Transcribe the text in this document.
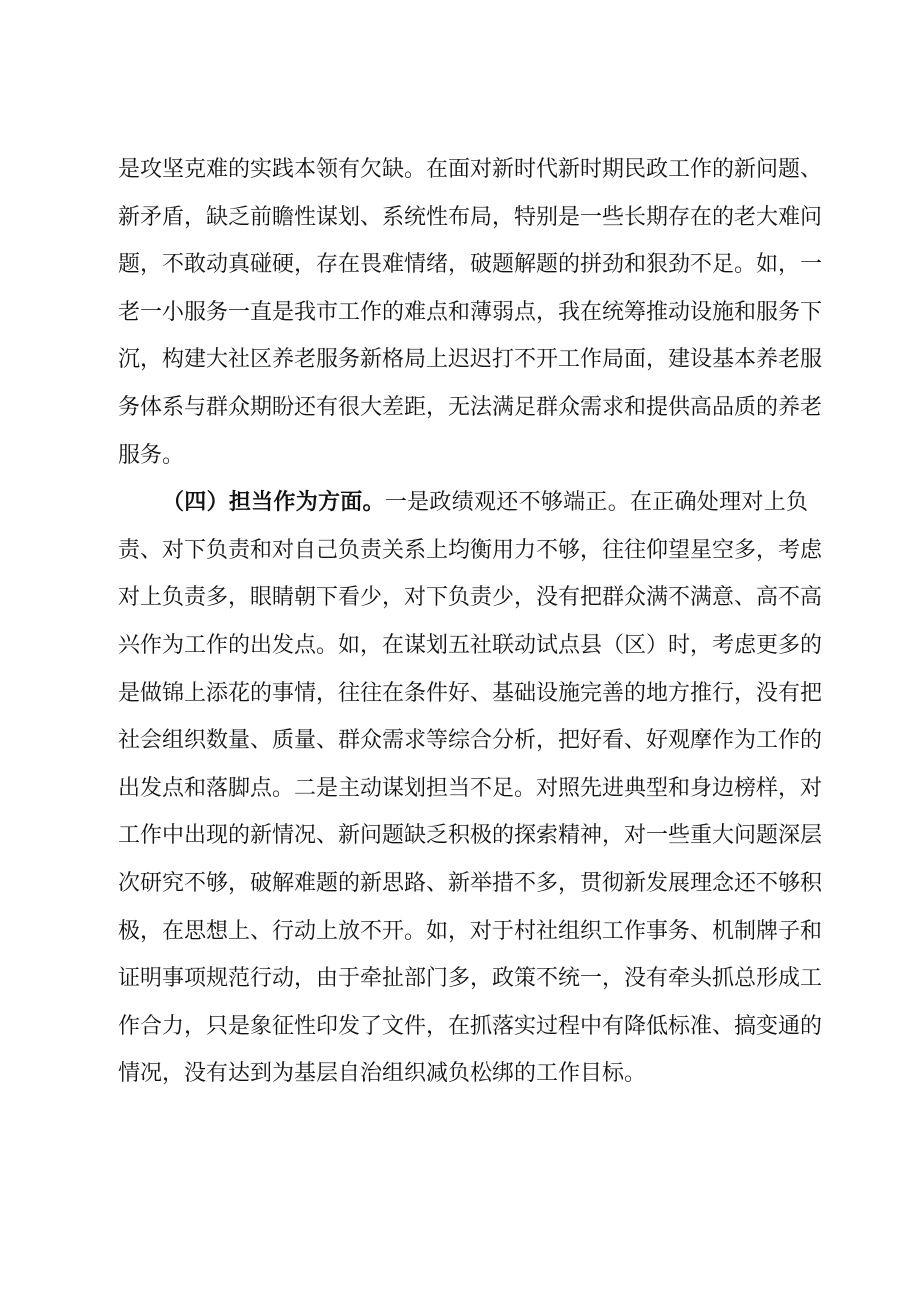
是攻坚克难的实践本领有欠缺。在面对新时代新时期民政工作的新问题、
新矛盾，缺乏前瞻性谋划、系统性布局，特别是一些长期存在的老大难问
题，不敢动真碰硬，存在畏难情绪，破题解题的拼劲和狠劲不足。如，一
老一小服务一直是我市工作的难点和薄弱点，我在统筹推动设施和服务下
沉，构建大社区养老服务新格局上迟迟打不开工作局面，建设基本养老服
务体系与群众期盼还有很大差距，无法满足群众需求和提供高品质的养老
服务。
（四）担当作为方面。一是政绩观还不够端正。在正确处理对上负
责、对下负责和对自己负责关系上均衡用力不够，往往仰望星空多，考虑
对上负责多，眼睛朝下看少，对下负责少，没有把群众满不满意、高不高
兴作为工作的出发点。如，在谋划五社联动试点县（区）时，考虑更多的
是做锦上添花的事情，往往在条件好、基础设施完善的地方推行，没有把
社会组织数量、质量、群众需求等综合分析，把好看、好观摩作为工作的
出发点和落脚点。二是主动谋划担当不足。对照先进典型和身边榜样，对
工作中出现的新情况、新问题缺乏积极的探索精神，对一些重大问题深层
次研究不够，破解难题的新思路、新举措不多，贯彻新发展理念还不够积
极，在思想上、行动上放不开。如，对于村社组织工作事务、机制牌子和
证明事项规范行动，由于牵扯部门多，政策不统一，没有牵头抓总形成工
作合力，只是象征性印发了文件，在抓落实过程中有降低标准、搞变通的
情况，没有达到为基层自治组织减负松绑的工作目标。
